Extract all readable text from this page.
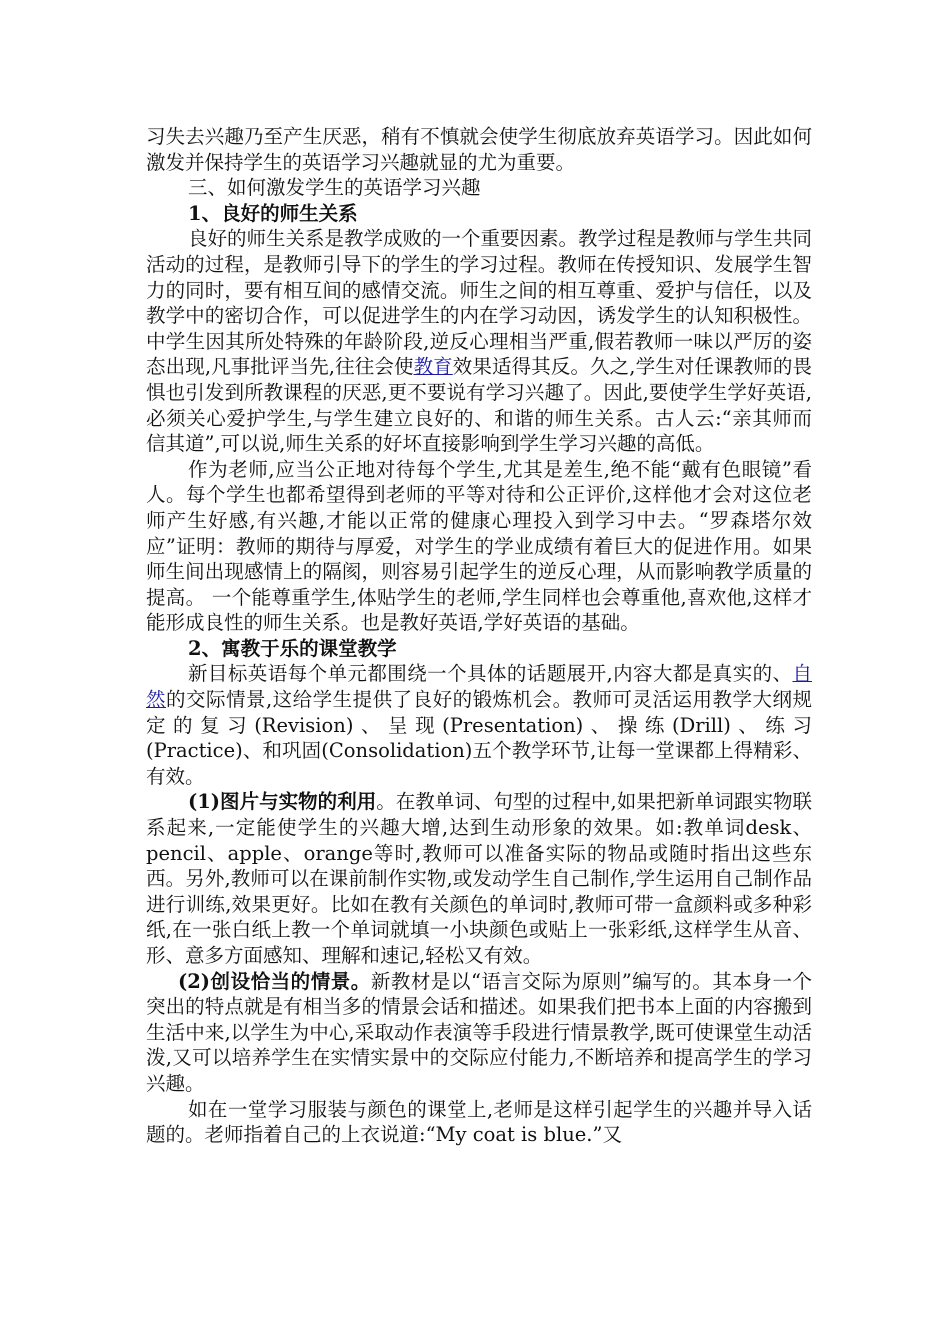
习失去兴趣乃至产生厌恶，稍有不慎就会使学生彻底放弃英语学习。因此如何激发并保持学生的英语学习兴趣就显的尤为重要。

三、如何激发学生的英语学习兴趣

1、良好的师生关系

良好的师生关系是教学成败的一个重要因素。教学过程是教师与学生共同活动的过程，是教师引导下的学生的学习过程。教师在传授知识、发展学生智力的同时，要有相互间的感情交流。师生之间的相互尊重、爱护与信任，以及教学中的密切合作，可以促进学生的内在学习动因，诱发学生的认知积极性。 中学生因其所处特殊的年龄阶段,逆反心理相当严重,假若教师一味以严厉的姿态出现,凡事批评当先,往往会使教育效果适得其反。久之,学生对任课教师的畏惧也引发到所教课程的厌恶,更不要说有学习兴趣了。因此,要使学生学好英语,必须关心爱护学生,与学生建立良好的、和谐的师生关系。古人云:“亲其师而信其道”,可以说,师生关系的好坏直接影响到学生学习兴趣的高低。

作为老师,应当公正地对待每个学生,尤其是差生,绝不能“戴有色眼镜”看人。每个学生也都希望得到老师的平等对待和公正评价,这样他才会对这位老师产生好感,有兴趣,才能以正常的健康心理投入到学习中去。“罗森塔尔效应”证明：教师的期待与厚爱，对学生的学业成绩有着巨大的促进作用。如果师生间出现感情上的隔阂，则容易引起学生的逆反心理，从而影响教学质量的提高。 一个能尊重学生,体贴学生的老师,学生同样也会尊重他,喜欢他,这样才能形成良性的师生关系。也是教好英语,学好英语的基础。

2、寓教于乐的课堂教学

新目标英语每个单元都围绕一个具体的话题展开,内容大都是真实的、自然的交际情景,这给学生提供了良好的锻炼机会。教师可灵活运用教学大纲规定的复习(Revision)、呈现(Presentation)、操练(Drill)、练习(Practice)、和巩固(Consolidation)五个教学环节,让每一堂课都上得精彩、有效。

(1)图片与实物的利用。在教单词、句型的过程中,如果把新单词跟实物联系起来,一定能使学生的兴趣大增,达到生动形象的效果。如:教单词desk、pencil、apple、orange等时,教师可以准备实际的物品或随时指出这些东西。另外,教师可以在课前制作实物,或发动学生自己制作,学生运用自己制作品进行训练,效果更好。比如在教有关颜色的单词时,教师可带一盒颜料或多种彩纸,在一张白纸上教一个单词就填一小块颜色或贴上一张彩纸,这样学生从音、形、意多方面感知、理解和速记,轻松又有效。

(2)创设恰当的情景。新教材是以“语言交际为原则”编写的。其本身一个突出的特点就是有相当多的情景会话和描述。如果我们把书本上面的内容搬到生活中来,以学生为中心,采取动作表演等手段进行情景教学,既可使课堂生动活泼,又可以培养学生在实情实景中的交际应付能力,不断培养和提高学生的学习兴趣。

如在一堂学习服装与颜色的课堂上,老师是这样引起学生的兴趣并导入话题的。老师指着自己的上衣说道:“My coat is blue.”又
